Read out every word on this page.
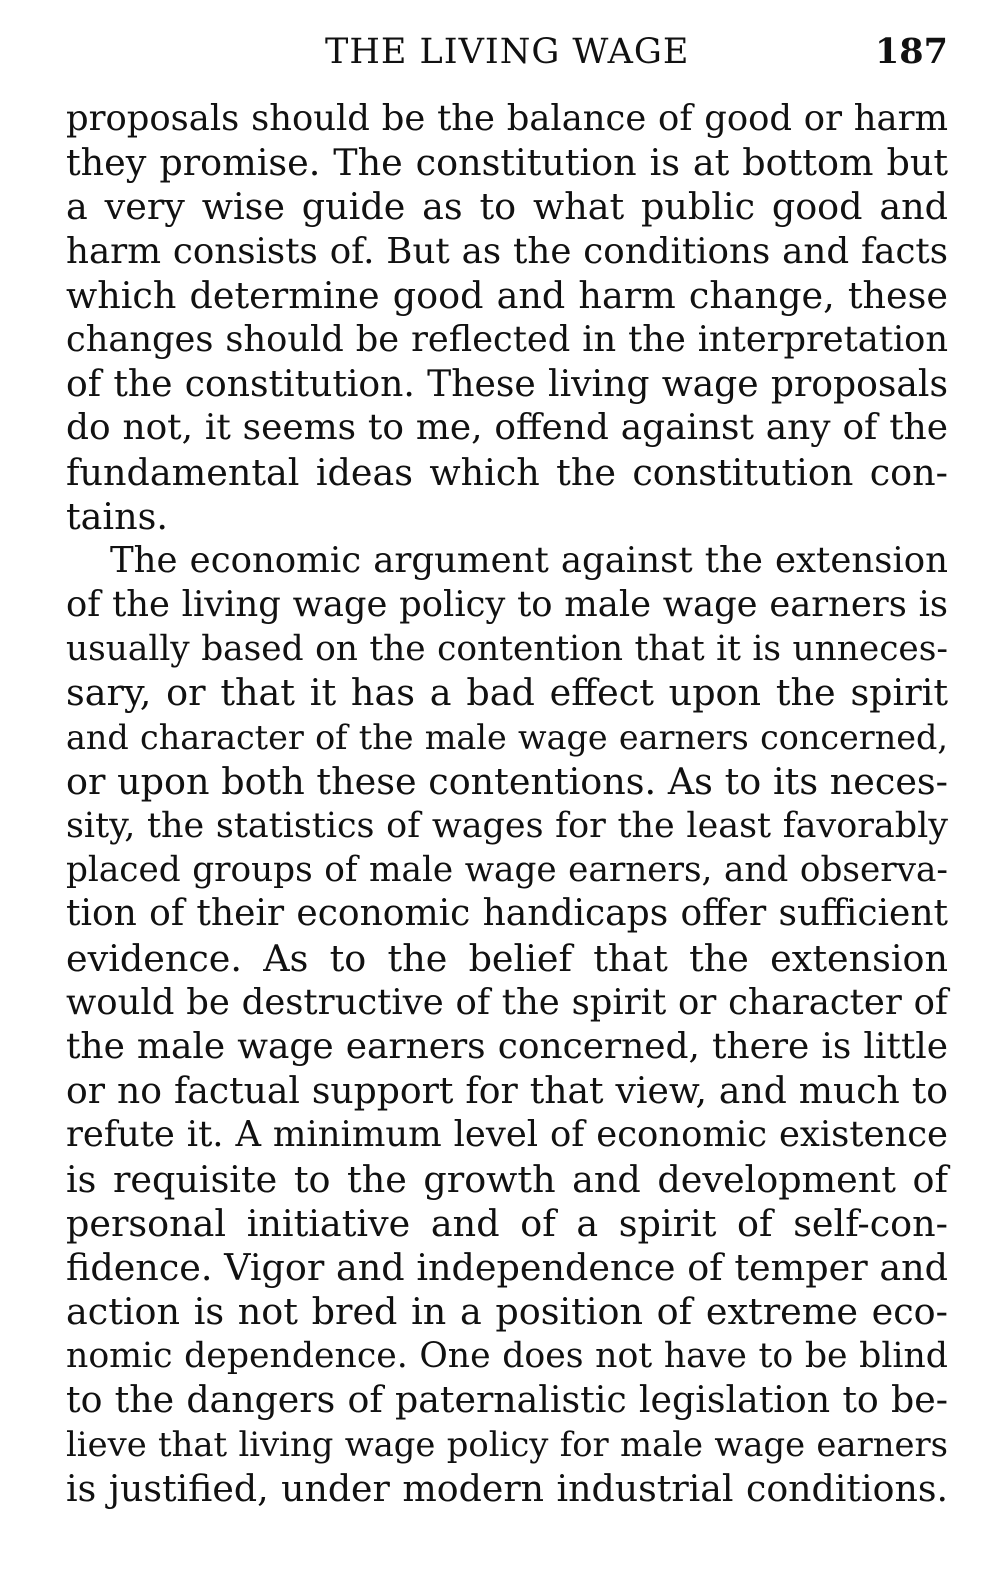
THE LIVING WAGE	187
proposals should be the balance of good or harm
they promise. The constitution is at bottom but
a very wise guide as to what public good and
harm consists of. But as the conditions and facts
which determine good and harm change, these
changes should be reflected in the interpretation
of the constitution. These living wage proposals
do not, it seems to me, offend against any of the
fundamental ideas which the constitution con-
tains.
The economic argument against the extension
of the living wage policy to male wage earners is
usually based on the contention that it is unneces-
sary, or that it has a bad effect upon the spirit
and character of the male wage earners concerned,
or upon both these contentions. As to its neces-
sity, the statistics of wages for the least favorably
placed groups of male wage earners, and observa-
tion of their economic handicaps offer sufficient
evidence. As to the belief that the extension
would be destructive of the spirit or character of
the male wage earners concerned, there is little
or no factual support for that view, and much to
refute it. A minimum level of economic existence
is requisite to the growth and development of
personal initiative and of a spirit of self-con-
fidence. Vigor and independence of temper and
action is not bred in a position of extreme eco-
nomic dependence. One does not have to be blind
to the dangers of paternalistic legislation to be-
lieve that living wage policy for male wage earners
is justified, under modern industrial conditions.
